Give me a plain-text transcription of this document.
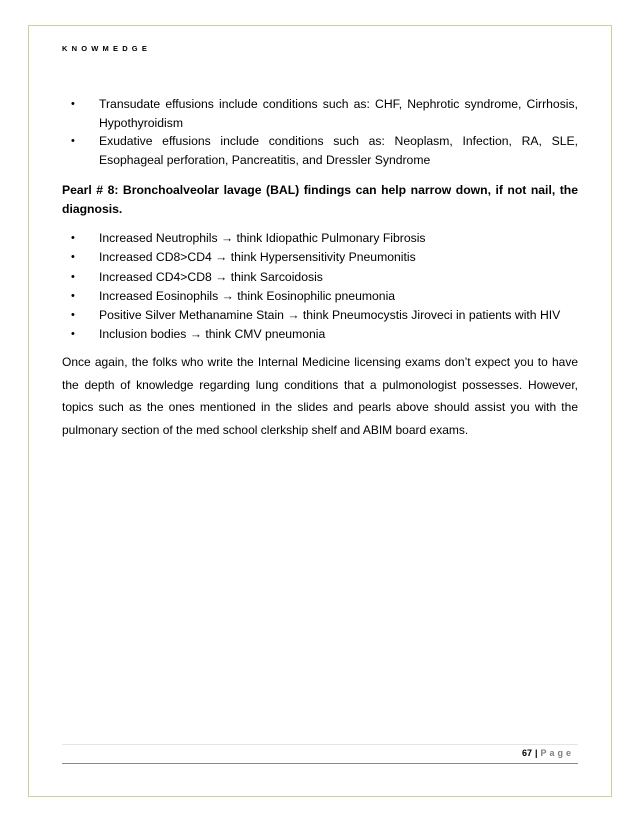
KNOWMEDGE
• Transudate effusions include conditions such as: CHF, Nephrotic syndrome, Cirrhosis, Hypothyroidism
• Exudative effusions include conditions such as: Neoplasm, Infection, RA, SLE, Esophageal perforation, Pancreatitis, and Dressler Syndrome
Pearl # 8: Bronchoalveolar lavage (BAL) findings can help narrow down, if not nail, the diagnosis.
• Increased Neutrophils → think Idiopathic Pulmonary Fibrosis
• Increased CD8>CD4 → think Hypersensitivity Pneumonitis
• Increased CD4>CD8 → think Sarcoidosis
• Increased Eosinophils → think Eosinophilic pneumonia
• Positive Silver Methanamine Stain → think Pneumocystis Jiroveci in patients with HIV
• Inclusion bodies → think CMV pneumonia
Once again, the folks who write the Internal Medicine licensing exams don’t expect you to have the depth of knowledge regarding lung conditions that a pulmonologist possesses. However, topics such as the ones mentioned in the slides and pearls above should assist you with the pulmonary section of the med school clerkship shelf and ABIM board exams.
67 | Page
